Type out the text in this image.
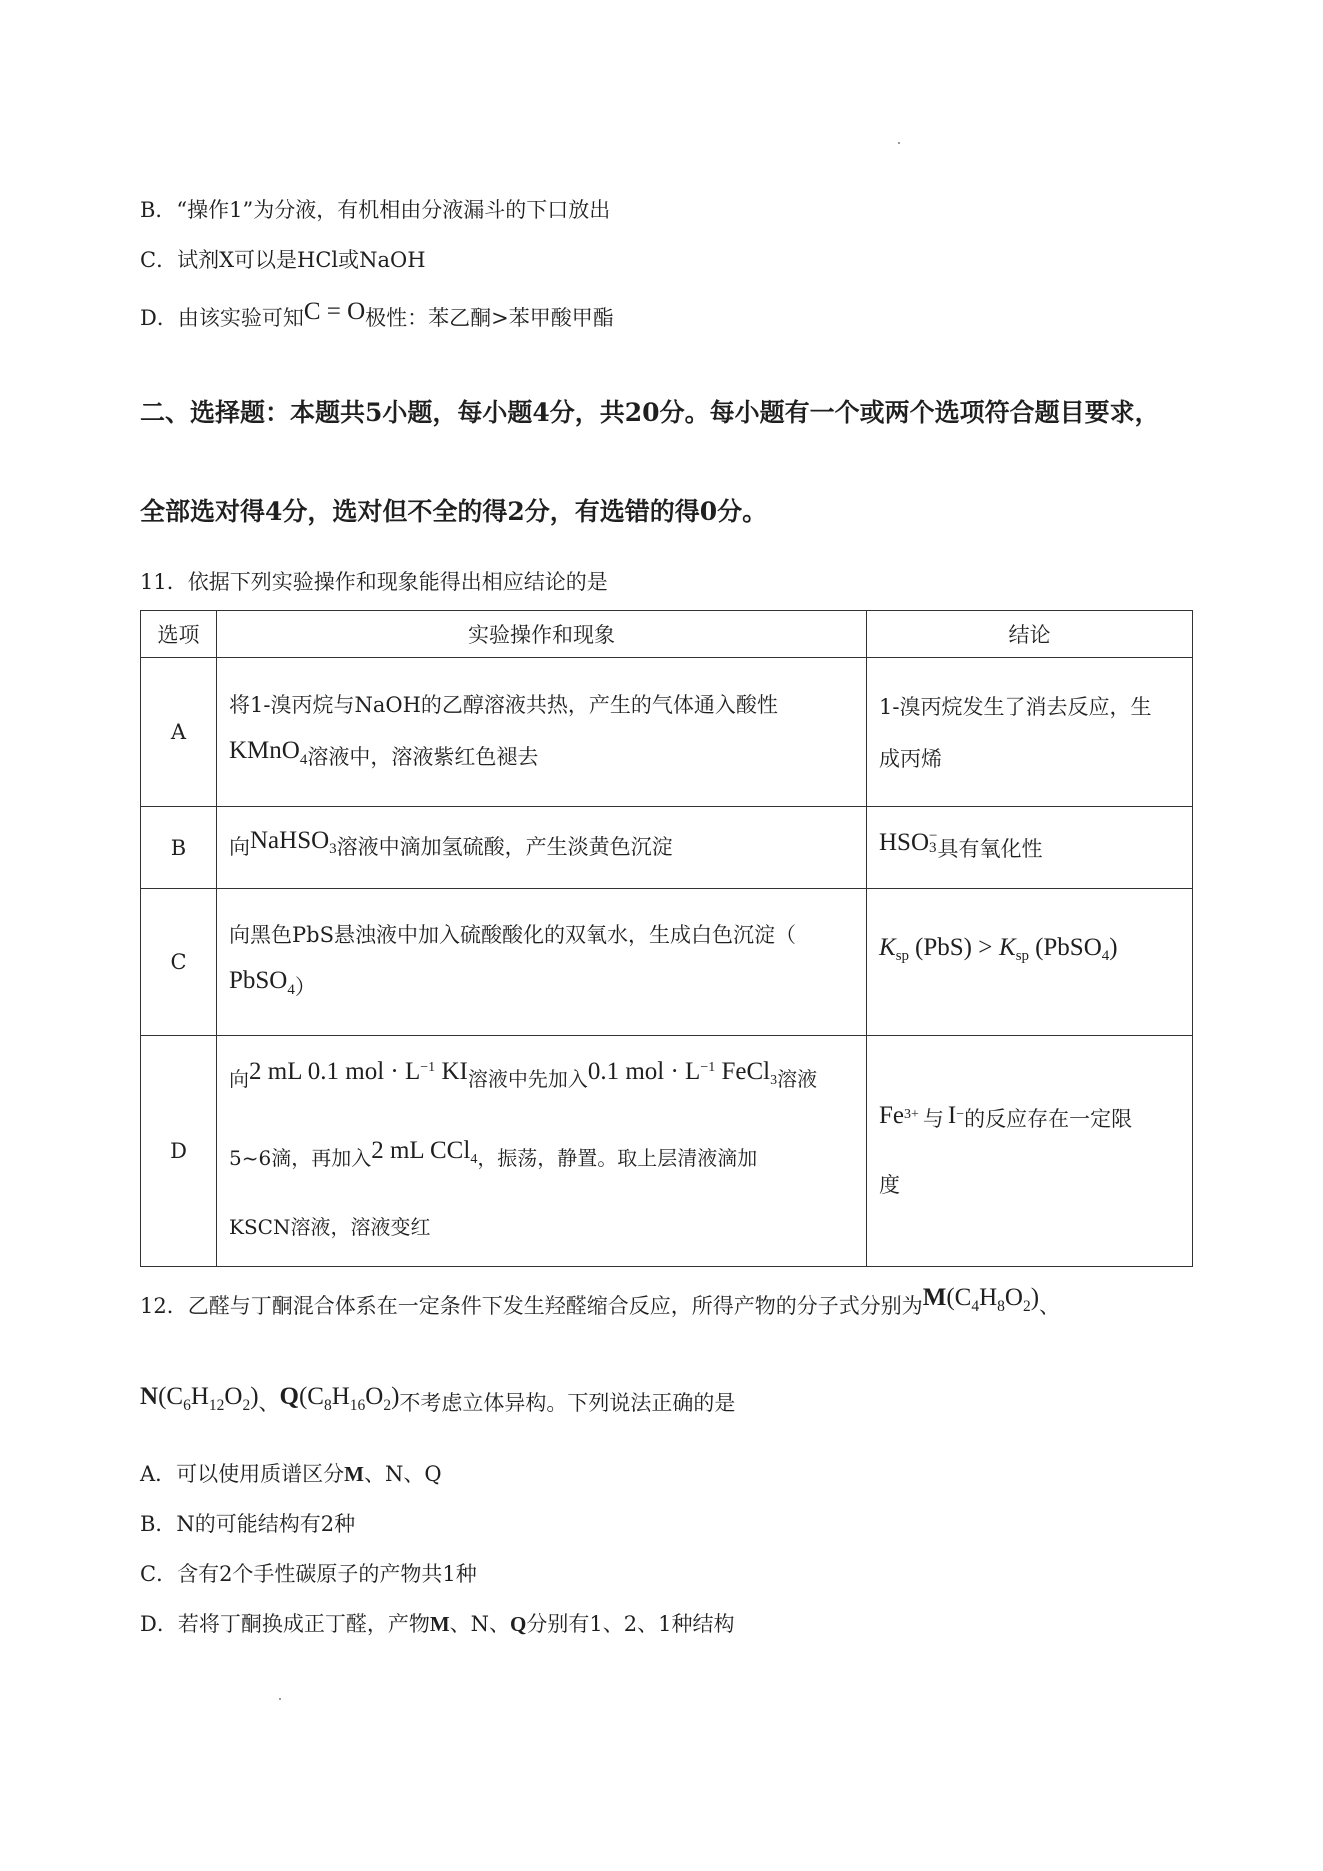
B．“操作1”为分液，有机相由分液漏斗的下口放出
C．试剂X可以是HCl或NaOH
D．由该实验可知C = O极性：苯乙酮>苯甲酸甲酯
二、选择题：本题共5小题，每小题4分，共20分。每小题有一个或两个选项符合题目要求，
全部选对得4分，选对但不全的得2分，有选错的得0分。
11．依据下列实验操作和现象能得出相应结论的是
选项	实验操作和现象	结论
A	将1-溴丙烷与NaOH的乙醇溶液共热，产生的气体通入酸性
KMnO$_4$溶液中，溶液紫红色褪去	1-溴丙烷发生了消去反应，生
成丙烯

B	向NaHSO$_3$溶液中滴加氢硫酸，产生淡黄色沉淀	HSO −
3 具有氧化性

C	向黑色PbS悬浊液中加入硫酸酸化的双氧水，生成白色沉淀（
PbSO$_4$）	$K_{sp}$ $(PbS) > K_{sp}$ (PbSO$_4$)

D	向2 mL 0.1 mol · $L^{-1}$ KI溶液中先加入0.1 mol · $L^{-1}$ FeCl$_3$溶液
5~6滴，再加入2 mL CCl$_4$，振荡，静置。取上层清液滴加
KSCN溶液，溶液变红	$Fe^{3+}$ 与 I−的反应存在一定限
度
12．乙醛与丁酮混合体系在一定条件下发生羟醛缩合反应，所得产物的分子式分别为$M(C_4H_8O_2)$、
$N(C_6H_{12}O_2)$、$Q(C_8H_{16}O_2)$不考虑立体异构。下列说法正确的是
A．可以使用质谱区分M、N、Q
B．N的可能结构有2种
C．含有2个手性碳原子的产物共1种
D．若将丁酮换成正丁醛，产物M、N、Q分别有1、2、1种结构
